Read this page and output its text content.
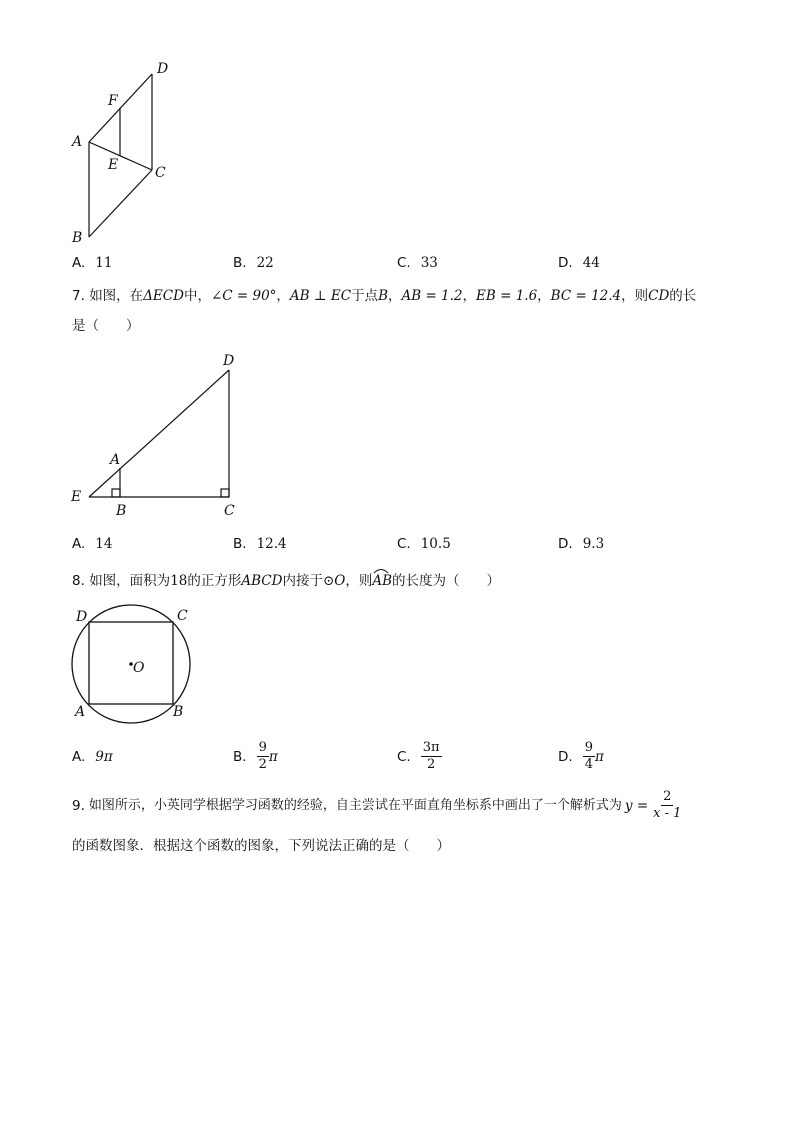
D
F
A
E	C
B
A. 11	B. 22	C. 33	D. 44
7. 如图，在ΔECD中，∠C = 90°，AB ⊥ EC于点B，AB = 1.2，EB = 1.6，BC = 12.4，则CD的长
是（　　）
D
A
E
B	C
A. 14	B. 12.4	C. 10.5	D. 9.3
8. 如图，面积为18的正方形ABCD内接于⊙O，则
AB的长度为（　　）
D	C
O
A	B
A. 9π	B. $\frac{9}{2}$ π	C. $\frac{3\pi}{2}$	D. $\frac{9}{4}$ π
9. 如图所示，小英同学根据学习函数的经验，自主尝试在平面直角坐标系中画出了一个解析式为 $y = \frac{2}{x - 1}$
的函数图象．根据这个函数的图象，下列说法正确的是（　　）
